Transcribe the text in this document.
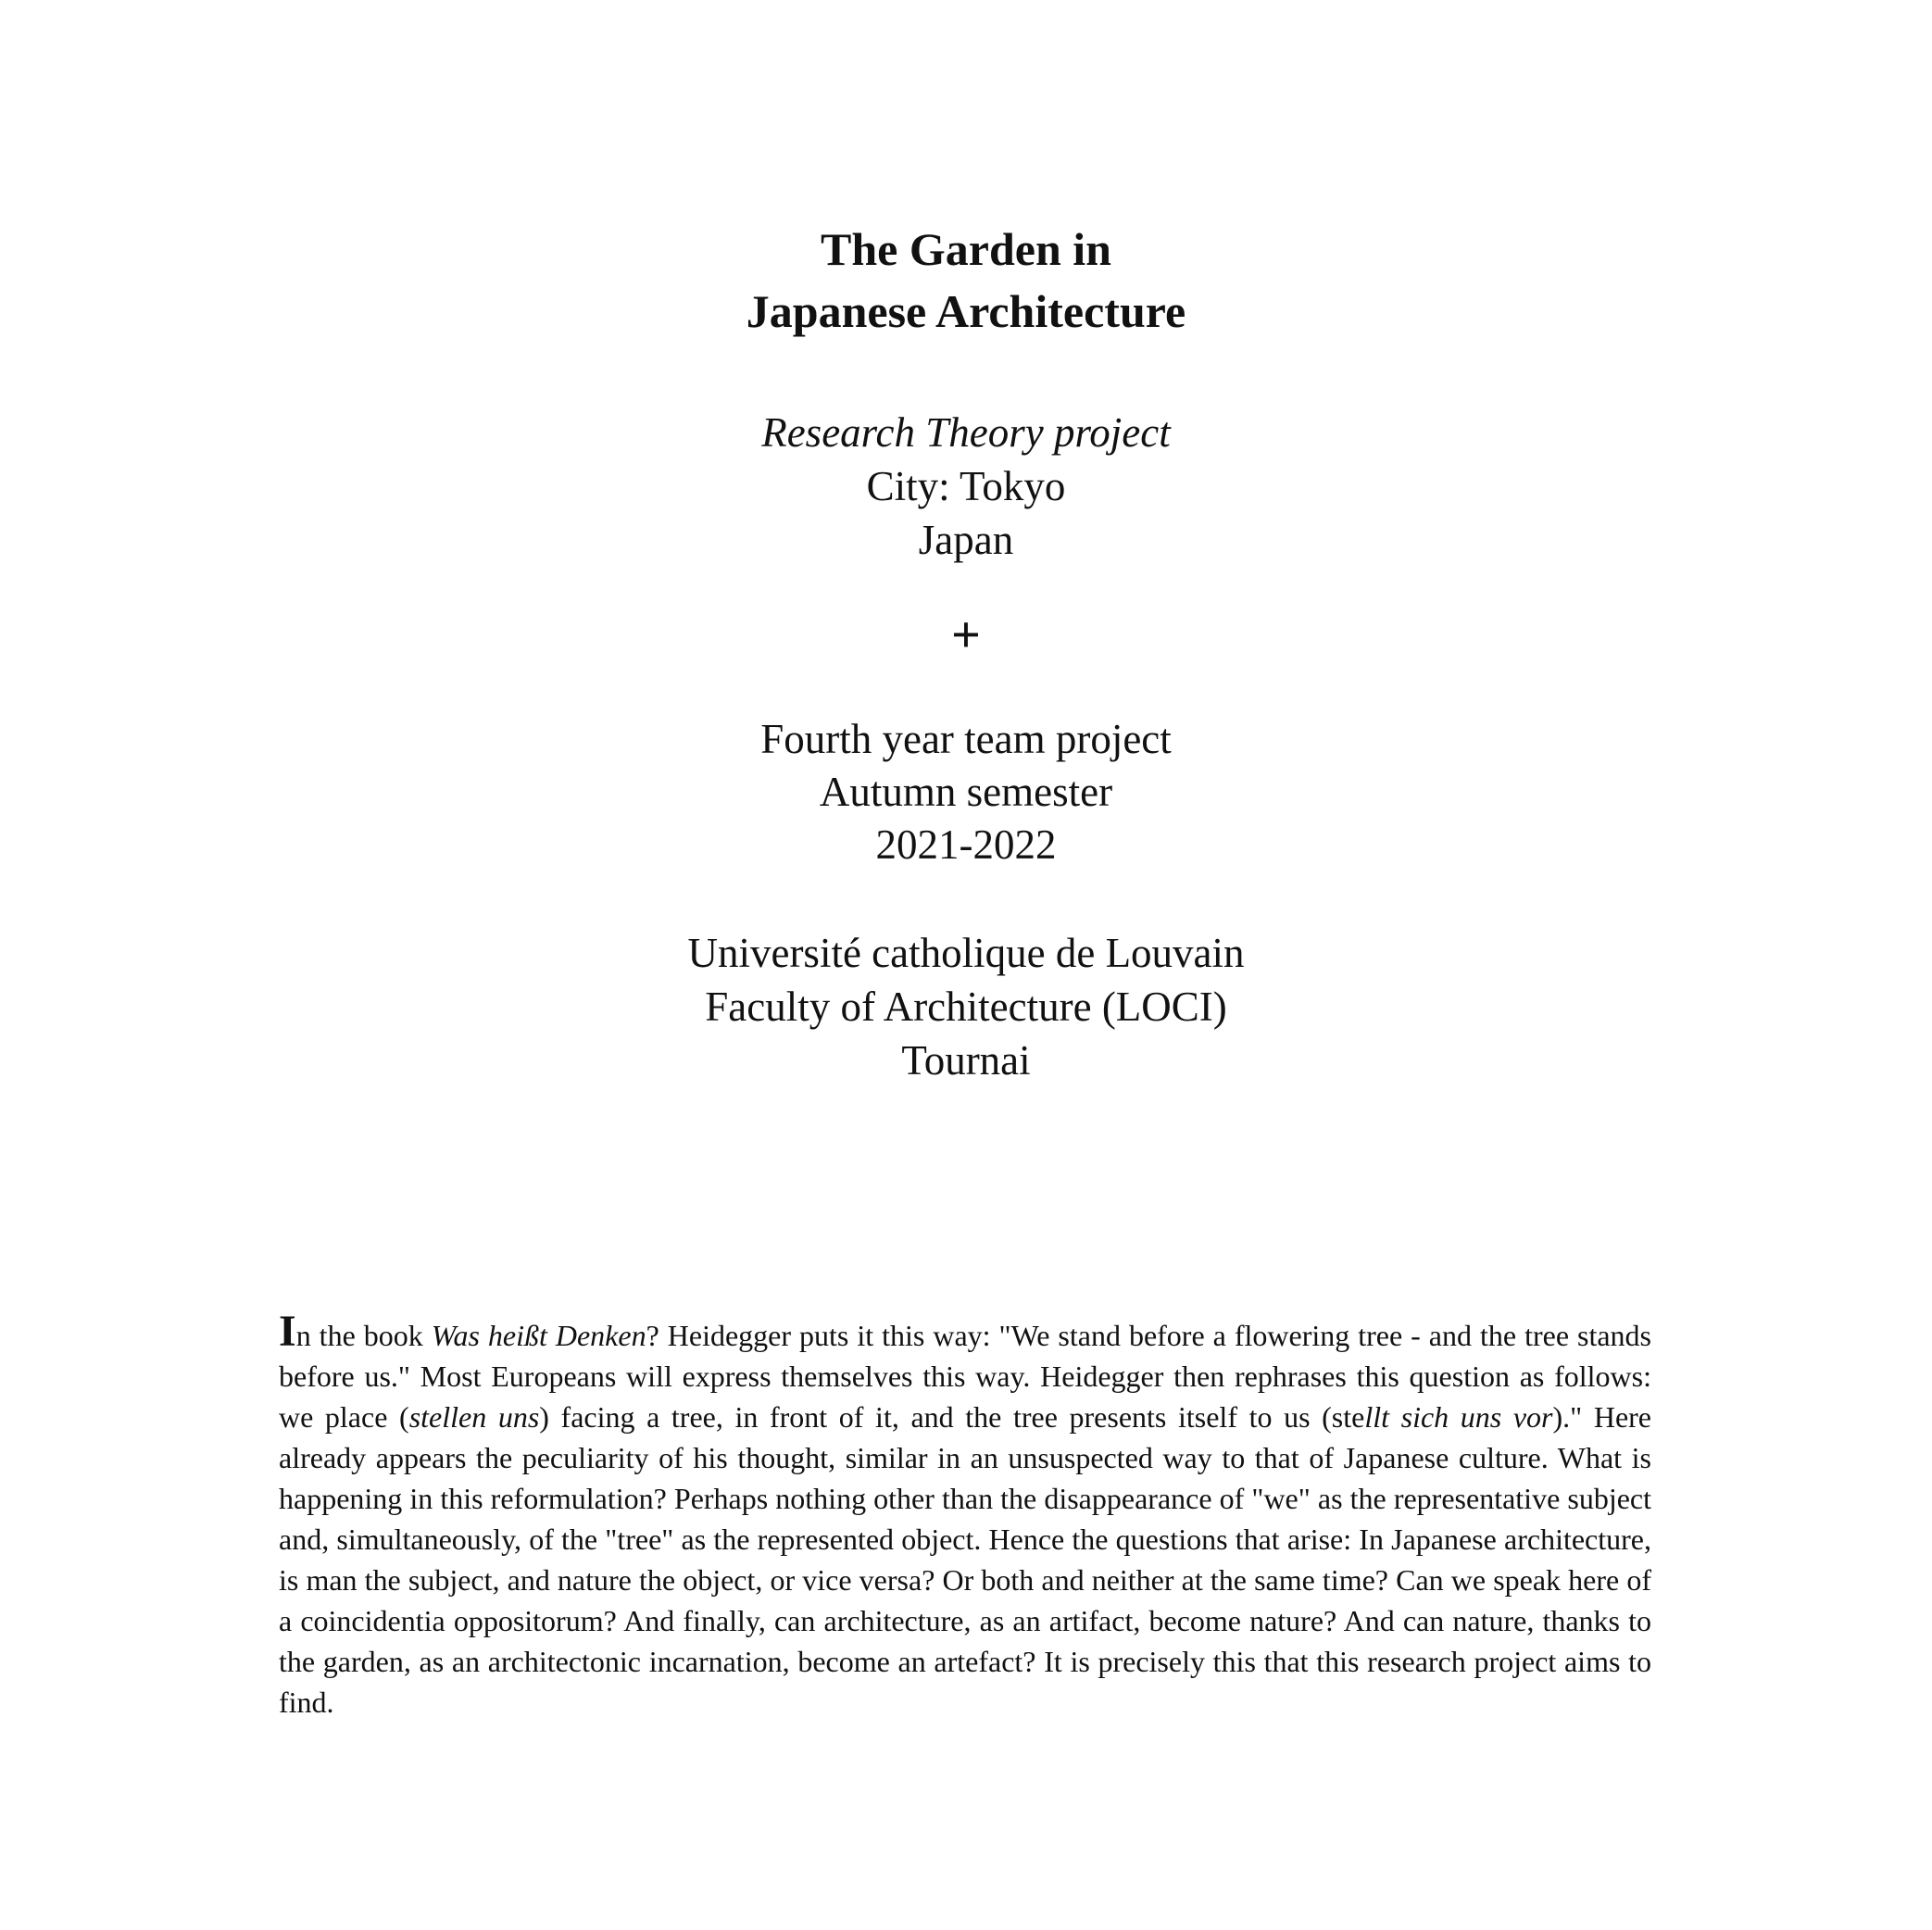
The Garden in
Japanese Architecture
Research Theory project
City: Tokyo
Japan
+
Fourth year team project
Autumn semester
2021-2022
Université catholique de Louvain
Faculty of Architecture (LOCI)
Tournai

In the book Was heißt Denken? Heidegger puts it this way: "We stand before a flowering tree - and the tree stands before us." Most Europeans will express themselves this way. Heidegger then rephrases this question as follows: we place (stellen uns) facing a tree, in front of it, and the tree presents itself to us (stellt sich uns vor)." Here already appears the peculiarity of his thought, similar in an unsuspected way to that of Japanese culture. What is happening in this reformulation? Perhaps nothing other than the disappearance of "we" as the representative subject and, simultaneously, of the "tree" as the represented object. Hence the questions that arise: In Japanese architecture, is man the subject, and nature the object, or vice versa? Or both and neither at the same time? Can we speak here of a coincidentia oppositorum? And finally, can architecture, as an artifact, become nature? And can nature, thanks to the garden, as an architectonic incarnation, become an artefact? It is precisely this that this research project aims to find.
